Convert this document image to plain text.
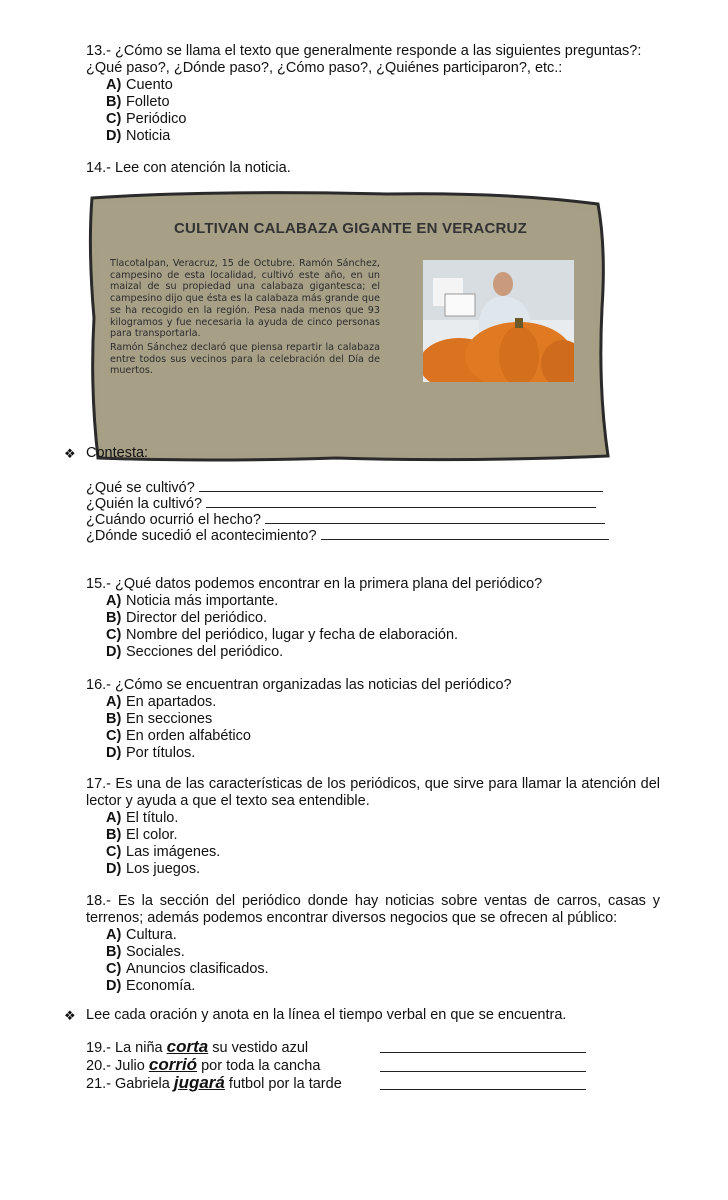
13.- ¿Cómo se llama el texto que generalmente responde a las siguientes preguntas?:
¿Qué paso?, ¿Dónde paso?, ¿Cómo paso?, ¿Quiénes participaron?, etc.:
A) Cuento
B) Folleto
C) Periódico
D) Noticia
14.- Lee con atención la noticia.
CULTIVAN CALABAZA GIGANTE EN VERACRUZ

Tlacotalpan, Veracruz, 15 de Octubre. Ramón Sánchez, campesino de esta localidad, cultivó este año, en un maizal de su propiedad una calabaza gigantesca; el campesino dijo que ésta es la calabaza más grande que se ha recogido en la región. Pesa nada menos que 93 kilogramos y fue necesaria la ayuda de cinco personas para transportarla.

Ramón Sánchez declaró que piensa repartir la calabaza entre todos sus vecinos para la celebración del Día de muertos.

❖ Contesta:
¿Qué se cultivó?
¿Quién la cultivó?
¿Cuándo ocurrió el hecho?
¿Dónde sucedió el acontecimiento?
15.- ¿Qué datos podemos encontrar en la primera plana del periódico?
A) Noticia más importante.
B) Director del periódico.
C) Nombre del periódico, lugar y fecha de elaboración.
D) Secciones del periódico.
16.- ¿Cómo se encuentran organizadas las noticias del periódico?
A) En apartados.
B) En secciones
C) En orden alfabético
D) Por títulos.
17.- Es una de las características de los periódicos, que sirve para llamar la atención del lector y ayuda a que el texto sea entendible.
A) El título.
B) El color.
C) Las imágenes.
D) Los juegos.
18.- Es la sección del periódico donde hay noticias sobre ventas de carros, casas y terrenos; además podemos encontrar diversos negocios que se ofrecen al público:
A) Cultura.
B) Sociales.
C) Anuncios clasificados.
D) Economía.
❖ Lee cada oración y anota en la línea el tiempo verbal en que se encuentra.
19.- La niña corta su vestido azul
20.- Julio corrió por toda la cancha
21.- Gabriela jugará futbol por la tarde
